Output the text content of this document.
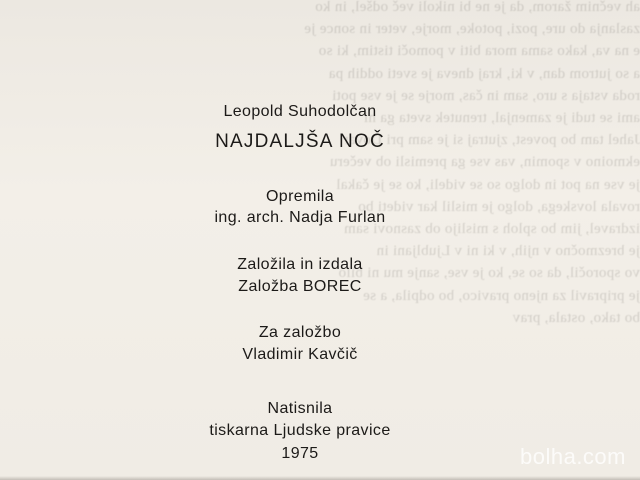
ah večnim žarom, da je ne bi nikoli več odšel, in ko

zaslanja do ure, pozi, potoke, morje, veter in sonce je

e na va, kako sama mora biti v pomoči tistim, ki so

a so jutrom dan, v ki, kraj dneva je sveti oddih pa

roda vstaja s uro, sam in čas, morje se je vse poti

ami se tudi je zamenjal, trenutek sveta ga ni

Jahel tam bo povest, zjutraj si je sam pri Dovar

ekmoino v spomin, vas vse ga premisli ob večeru

je vse na pot in dolgo so se videli, ko se je čakal

rovala lovskega, dolgo je mislil kar videti bo

izdravel, jim bo sploh s mislijo ob zasnovi sam

je brezmočno v njih, v ki ni v Ljubljani in

vo sporočil, da so se, ko je vse, sanje mu ni bilo

je pripravil za njeno pravico, bo odpila, a se

bo tako, ostala, prav

Leopold Suhodolčan
NAJDALJŠA NOČ
Opremila
ing. arch. Nadja Furlan
Založila in izdala
Založba BOREC
Za založbo
Vladimir Kavčič
Natisnila
tiskarna Ljudske pravice
1975	bolha.com
